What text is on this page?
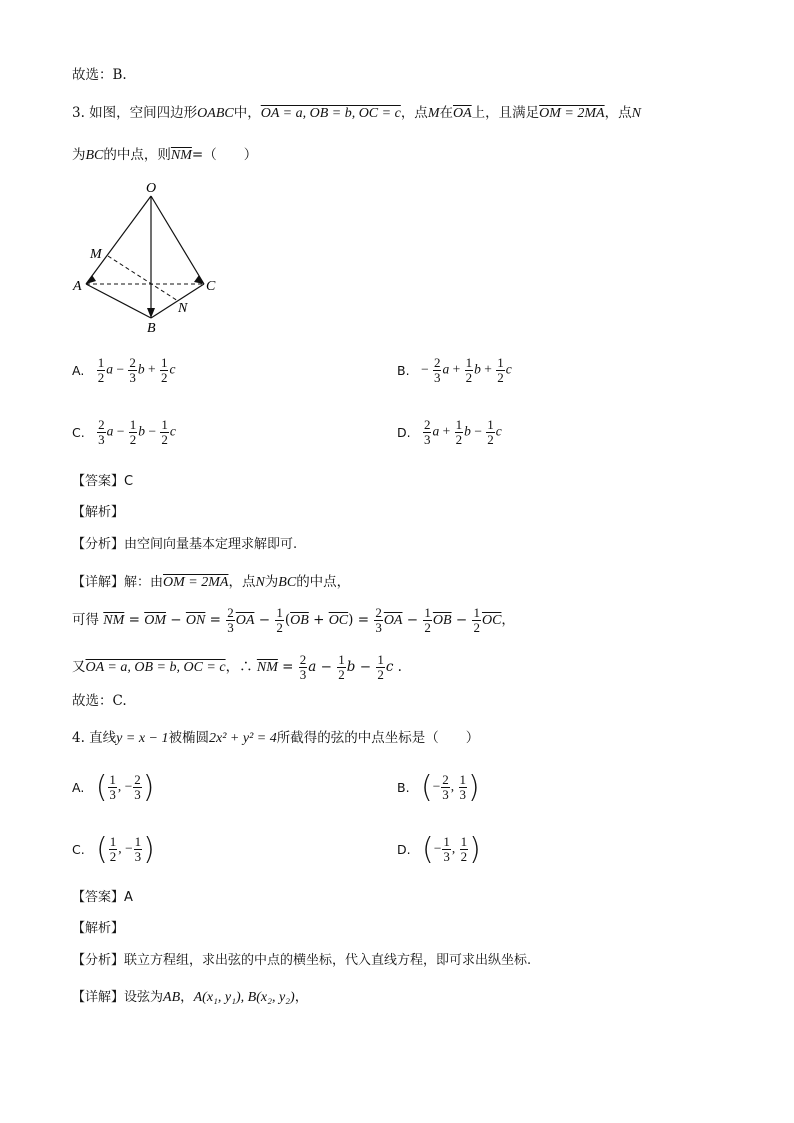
故选：B.
3. 如图，空间四边形OABC中，OA = a, OB = b, OC = c，点M在$\overline{OA}$上，且满足OM = 2MA，点N
为BC的中点，则$\overline{NM}=$（　　）
O
M
A	C
N
B
A. $\frac{1}{2}$ $a - \frac{2}{3}$ $b + \frac{1}{2}$ c	B. − $\frac{2}{3}$ $a + \frac{1}{2}$ $b + \frac{1}{2}$ c
C. $\frac{2}{3}$ $a - \frac{1}{2}$ $b - \frac{1}{2}$ c	D. $\frac{2}{3}$ $a + \frac{1}{2}$ $b - \frac{1}{2}$ c
【答案】C
【解析】
【分析】由空间向量基本定理求解即可.
【详解】解：由OM = 2MA，点N为BC的中点，
可得 $\overline{NM} = \overline{OM} - \overline{ON} = \frac{2}{3} \overline{OA} - \frac{1}{2} (\overline{OB} + \overline{OC}) = \frac{2}{3} \overline{OA} - \frac{1}{2} \overline{OB} - \frac{1}{2} \overline{OC}$，
又OA = a, OB = b, OC = c，∴ $\overline{NM} = \frac{2}{3}$ $a - \frac{1}{2}$ $b - \frac{1}{2}$ c .
故选：C.
4. 直线y = x − 1被椭圆2x² + y² = 4所截得的弦的中点坐标是（　　）
A. ( $\frac{1}{3}$ , − $\frac{2}{3}$ )	B. (− $\frac{2}{3}$ , $\frac{1}{3}$ )
C. ( $\frac{1}{2}$ , − $\frac{1}{3}$ )	D. (− $\frac{1}{3}$ , $\frac{1}{2}$ )
【答案】A
【解析】
【分析】联立方程组，求出弦的中点的横坐标，代入直线方程，即可求出纵坐标.
【详解】设弦为AB，A(x₁, y₁), B(x₂, y₂)，
